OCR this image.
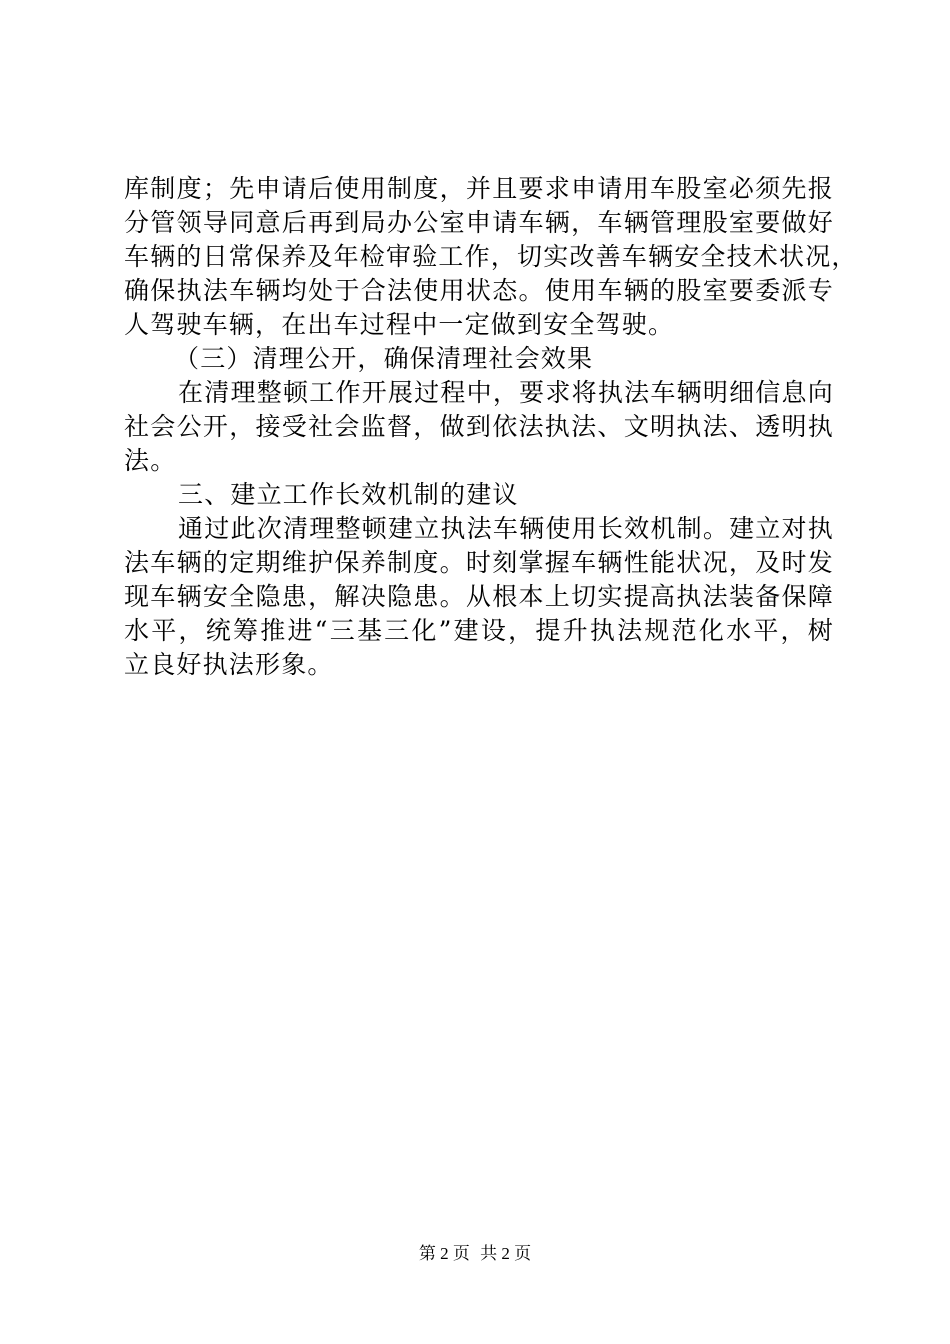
库制度；先申请后使用制度，并且要求申请用车股室必须先报
分管领导同意后再到局办公室申请车辆，车辆管理股室要做好
车辆的日常保养及年检审验工作，切实改善车辆安全技术状况，
确保执法车辆均处于合法使用状态。使用车辆的股室要委派专
人驾驶车辆，在出车过程中一定做到安全驾驶。
（三）清理公开，确保清理社会效果
在清理整顿工作开展过程中，要求将执法车辆明细信息向
社会公开，接受社会监督，做到依法执法、文明执法、透明执
法。
三、建立工作长效机制的建议
通过此次清理整顿建立执法车辆使用长效机制。建立对执
法车辆的定期维护保养制度。时刻掌握车辆性能状况，及时发
现车辆安全隐患，解决隐患。从根本上切实提高执法装备保障
水平，统筹推进“三基三化”建设，提升执法规范化水平，树
立良好执法形象。
第 2 页 共 2 页
